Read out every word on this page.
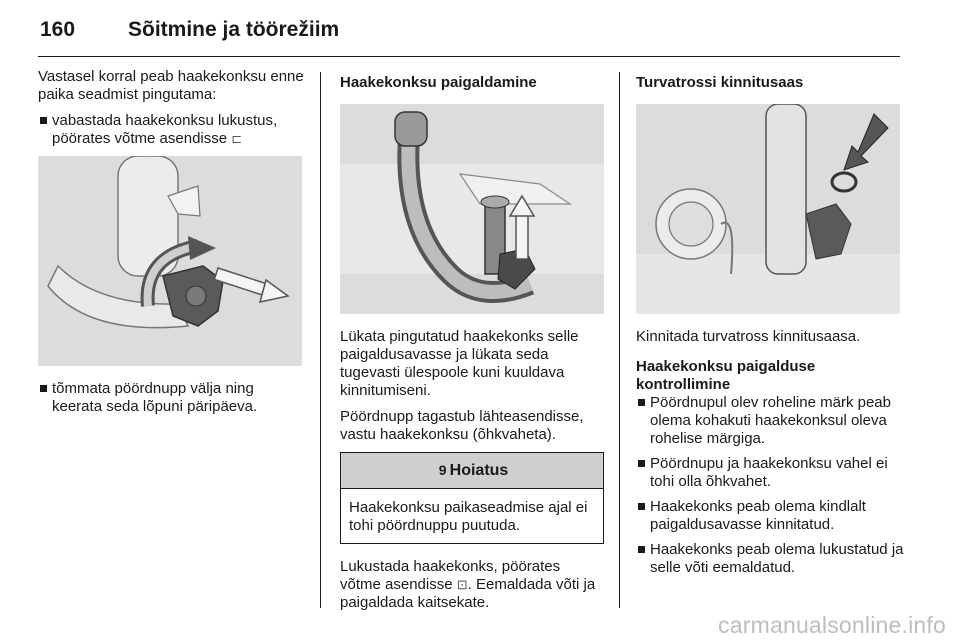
160	Sõitmine ja töörežiim

Vastasel korral peab haakekonksu enne paika seadmist pingutama:

vabastada haakekonksu lukustus, pöörates võtme asendisse ⊏
tõmmata pöördnupp välja ning keerata seda lõpuni päripäeva.
Haakekonksu paigaldamine

Lükata pingutatud haakekonks selle paigaldusavasse ja lükata seda tugevasti ülespoole kuni kuuldava kinnitumiseni.

Pöördnupp tagastub lähteasendisse, vastu haakekonksu (õhkvaheta).

9 Hoiatus
Haakekonksu paikaseadmise ajal ei tohi pöördnuppu puutuda.

Lukustada haakekonks, pöörates võtme asendisse ⊡. Eemaldada võti ja paigaldada kaitsekate.

Turvatrossi kinnitusaas

Kinnitada turvatross kinnitusaasa.

Haakekonksu paigalduse kontrollimine
Pöördnupul olev roheline märk peab olema kohakuti haakekonksul oleva rohelise märgiga.
Pöördnupu ja haakekonksu vahel ei tohi olla õhkvahet.
Haakekonks peab olema kindlalt paigaldusavasse kinnitatud.
Haakekonks peab olema lukustatud ja selle võti eemaldatud.
carmanualsonline.info
